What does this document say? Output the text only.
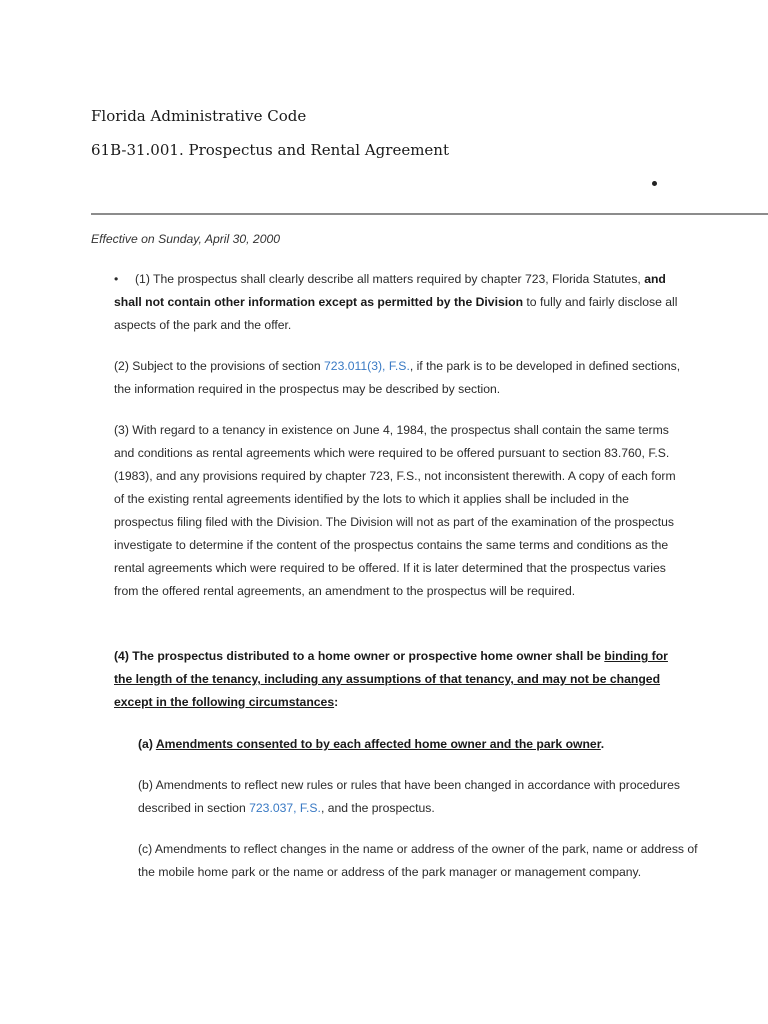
Florida Administrative Code
61B-31.001. Prospectus and Rental Agreement

Effective on Sunday, April 30, 2000

• (1) The prospectus shall clearly describe all matters required by chapter 723, Florida Statutes, and shall not contain other information except as permitted by the Division to fully and fairly disclose all aspects of the park and the offer.

(2) Subject to the provisions of section 723.011(3), F.S., if the park is to be developed in defined sections, the information required in the prospectus may be described by section.

(3) With regard to a tenancy in existence on June 4, 1984, the prospectus shall contain the same terms and conditions as rental agreements which were required to be offered pursuant to section 83.760, F.S. (1983), and any provisions required by chapter 723, F.S., not inconsistent therewith. A copy of each form of the existing rental agreements identified by the lots to which it applies shall be included in the prospectus filing filed with the Division. The Division will not as part of the examination of the prospectus investigate to determine if the content of the prospectus contains the same terms and conditions as the rental agreements which were required to be offered. If it is later determined that the prospectus varies from the offered rental agreements, an amendment to the prospectus will be required.

(4) The prospectus distributed to a home owner or prospective home owner shall be binding for the length of the tenancy, including any assumptions of that tenancy, and may not be changed except in the following circumstances:

(a) Amendments consented to by each affected home owner and the park owner.

(b) Amendments to reflect new rules or rules that have been changed in accordance with procedures described in section 723.037, F.S., and the prospectus.

(c) Amendments to reflect changes in the name or address of the owner of the park, name or address of the mobile home park or the name or address of the park manager or management company.
